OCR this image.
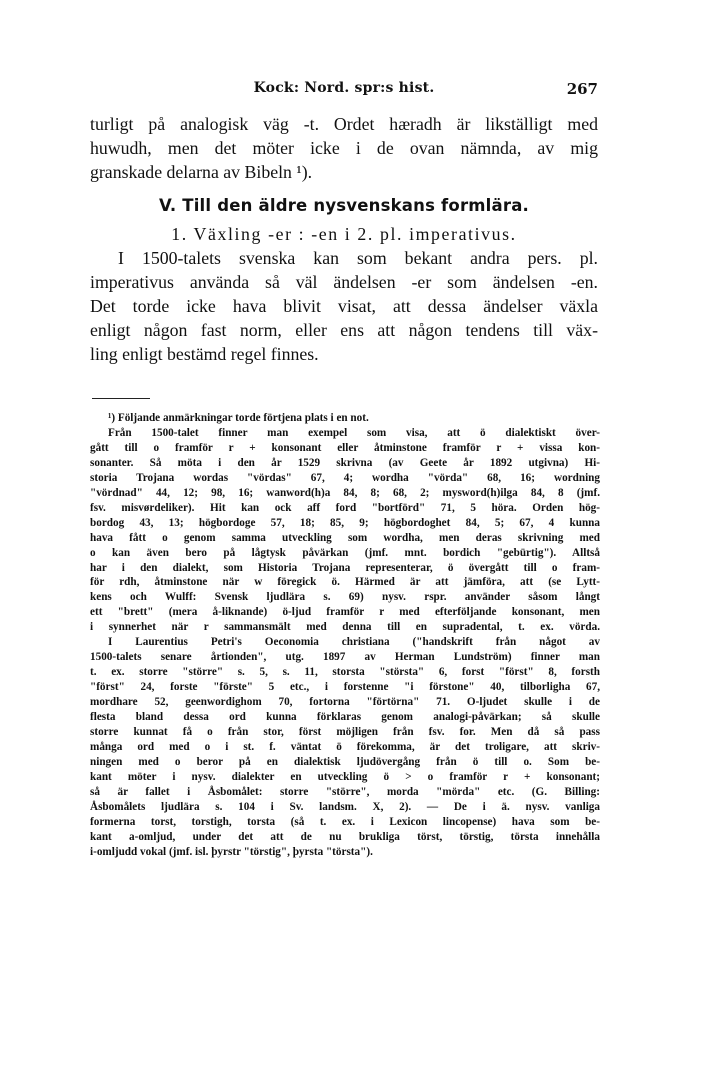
Kock: Nord. spr:s hist.	267
turligt på analogisk väg -t. Ordet hæradh är likställigt med
huwudh, men det möter icke i de ovan nämnda, av mig
granskade delarna av Bibeln ¹).
V. Till den äldre nysvenskans formlära.
1. Växling -er : -en i 2. pl. imperativus.
I 1500-talets svenska kan som bekant andra pers. pl.
imperativus använda så väl ändelsen -er som ändelsen -en.
Det torde icke hava blivit visat, att dessa ändelser växla
enligt någon fast norm, eller ens att någon tendens till väx-
ling enligt bestämd regel finnes.
¹) Följande anmärkningar torde förtjena plats i en not.
Från 1500-talet finner man exempel som visa, att ö dialektiskt över-
gått till o framför r + konsonant eller åtminstone framför r + vissa kon-
sonanter. Så möta i den år 1529 skrivna (av Geete år 1892 utgivna) Hi-
storia Trojana wordas "vördas" 67, 4; wordha "vörda" 68, 16; wordning
"vördnad" 44, 12; 98, 16; wanword(h)a 84, 8; 68, 2; mysword(h)ilga 84, 8 (jmf.
fsv. misvørdeliker). Hit kan ock aff ford "bortförd" 71, 5 höra. Orden hög-
bordog 43, 13; högbordoge 57, 18; 85, 9; högbordoghet 84, 5; 67, 4 kunna
hava fått o genom samma utveckling som wordha, men deras skrivning med
o kan även bero på lågtysk påvärkan (jmf. mnt. bordich "gebürtig"). Alltså
har i den dialekt, som Historia Trojana representerar, ö övergått till o fram-
för rdh, åtminstone när w föregick ö. Härmed är att jämföra, att (se Lytt-
kens och Wulff: Svensk ljudlära s. 69) nysv. rspr. använder såsom långt
ett "brett" (mera å-liknande) ö-ljud framför r med efterföljande konsonant, men
i synnerhet när r sammansmält med denna till en supradental, t. ex. vörda.
I Laurentius Petri's Oeconomia christiana ("handskrift från något av
1500-talets senare årtionden", utg. 1897 av Herman Lundström) finner man
t. ex. storre "större" s. 5, s. 11, storsta "största" 6, forst "först" 8, forsth
"först" 24, forste "förste" 5 etc., i forstenne "i förstone" 40, tilborligha 67,
mordhare 52, geenwordighom 70, fortorna "förtörna" 71. O-ljudet skulle i de
flesta bland dessa ord kunna förklaras genom analogi-påvärkan; så skulle
storre kunnat få o från stor, först möjligen från fsv. for. Men då så pass
många ord med o i st. f. väntat ö förekomma, är det troligare, att skriv-
ningen med o beror på en dialektisk ljudövergång från ö till o. Som be-
kant möter i nysv. dialekter en utveckling ö > o framför r + konsonant;
så är fallet i Åsbomålet: storre "större", morda "mörda" etc. (G. Billing:
Åsbomålets ljudlära s. 104 i Sv. landsm. X, 2). — De i ä. nysv. vanliga
formerna torst, torstigh, torsta (så t. ex. i Lexicon lincopense) hava som be-
kant a-omljud, under det att de nu brukliga törst, törstig, törsta innehålla
i-omljudd vokal (jmf. isl. þyrstr "törstig", þyrsta "törsta").
